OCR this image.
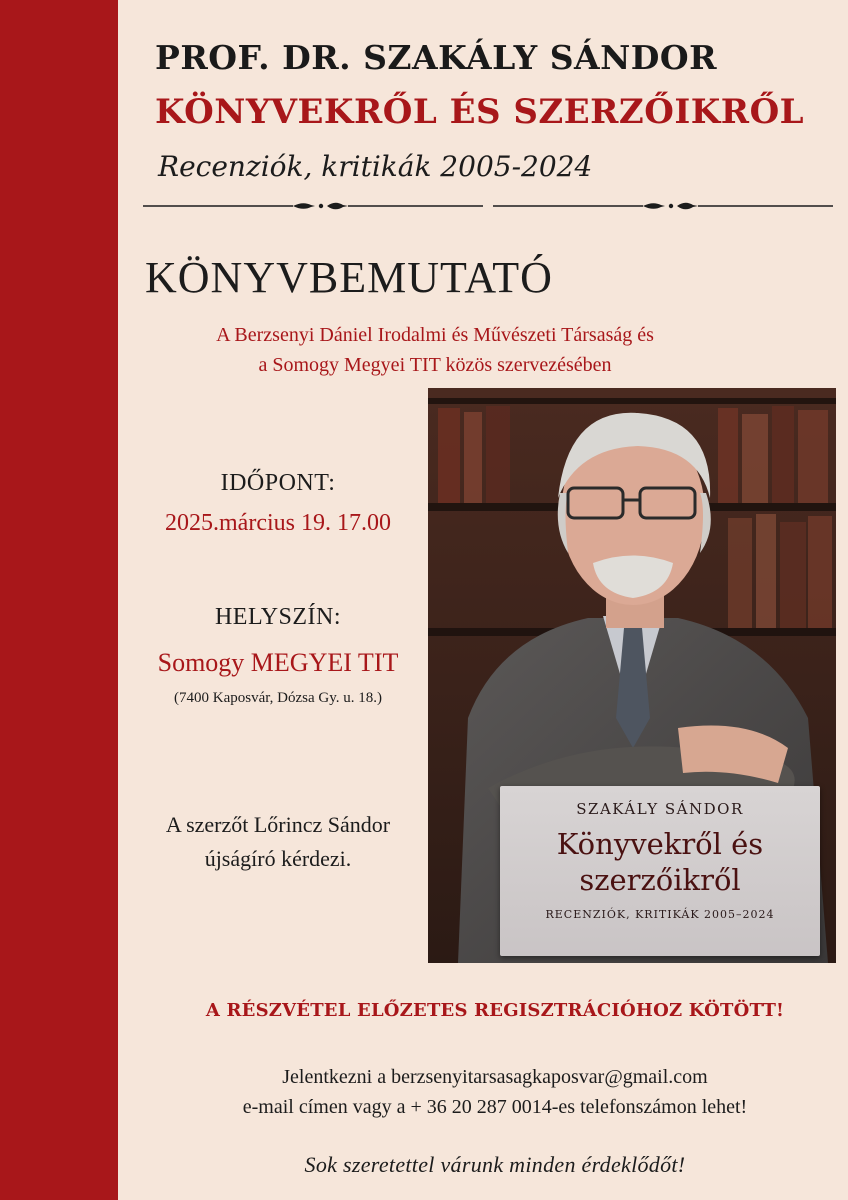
PROF. DR. SZAKÁLY SÁNDOR
KÖNYVEKRŐL ÉS SZERZŐIKRŐL
Recenziók, kritikák 2005-2024
KÖNYVBEMUTATÓ
A Berzsenyi Dániel Irodalmi és Művészeti Társaság és
a Somogy Megyei TIT közös szervezésében
IDŐPONT:
2025.március 19. 17.00
HELYSZÍN:
Somogy MEGYEI TIT
(7400 Kaposvár, Dózsa Gy. u. 18.)
A szerzőt Lőrincz Sándor
újságíró kérdezi.
SZAKÁLY SÁNDOR
Könyvekről és
szerzőikről
RECENZIÓK, KRITIKÁK 2005–2024
A RÉSZVÉTEL ELŐZETES REGISZTRÁCIÓHOZ KÖTÖTT!
Jelentkezni a berzsenyitarsasagkaposvar@gmail.com
e-mail címen vagy a + 36 20 287 0014-es telefonszámon lehet!
Sok szeretettel várunk minden érdeklődőt!
